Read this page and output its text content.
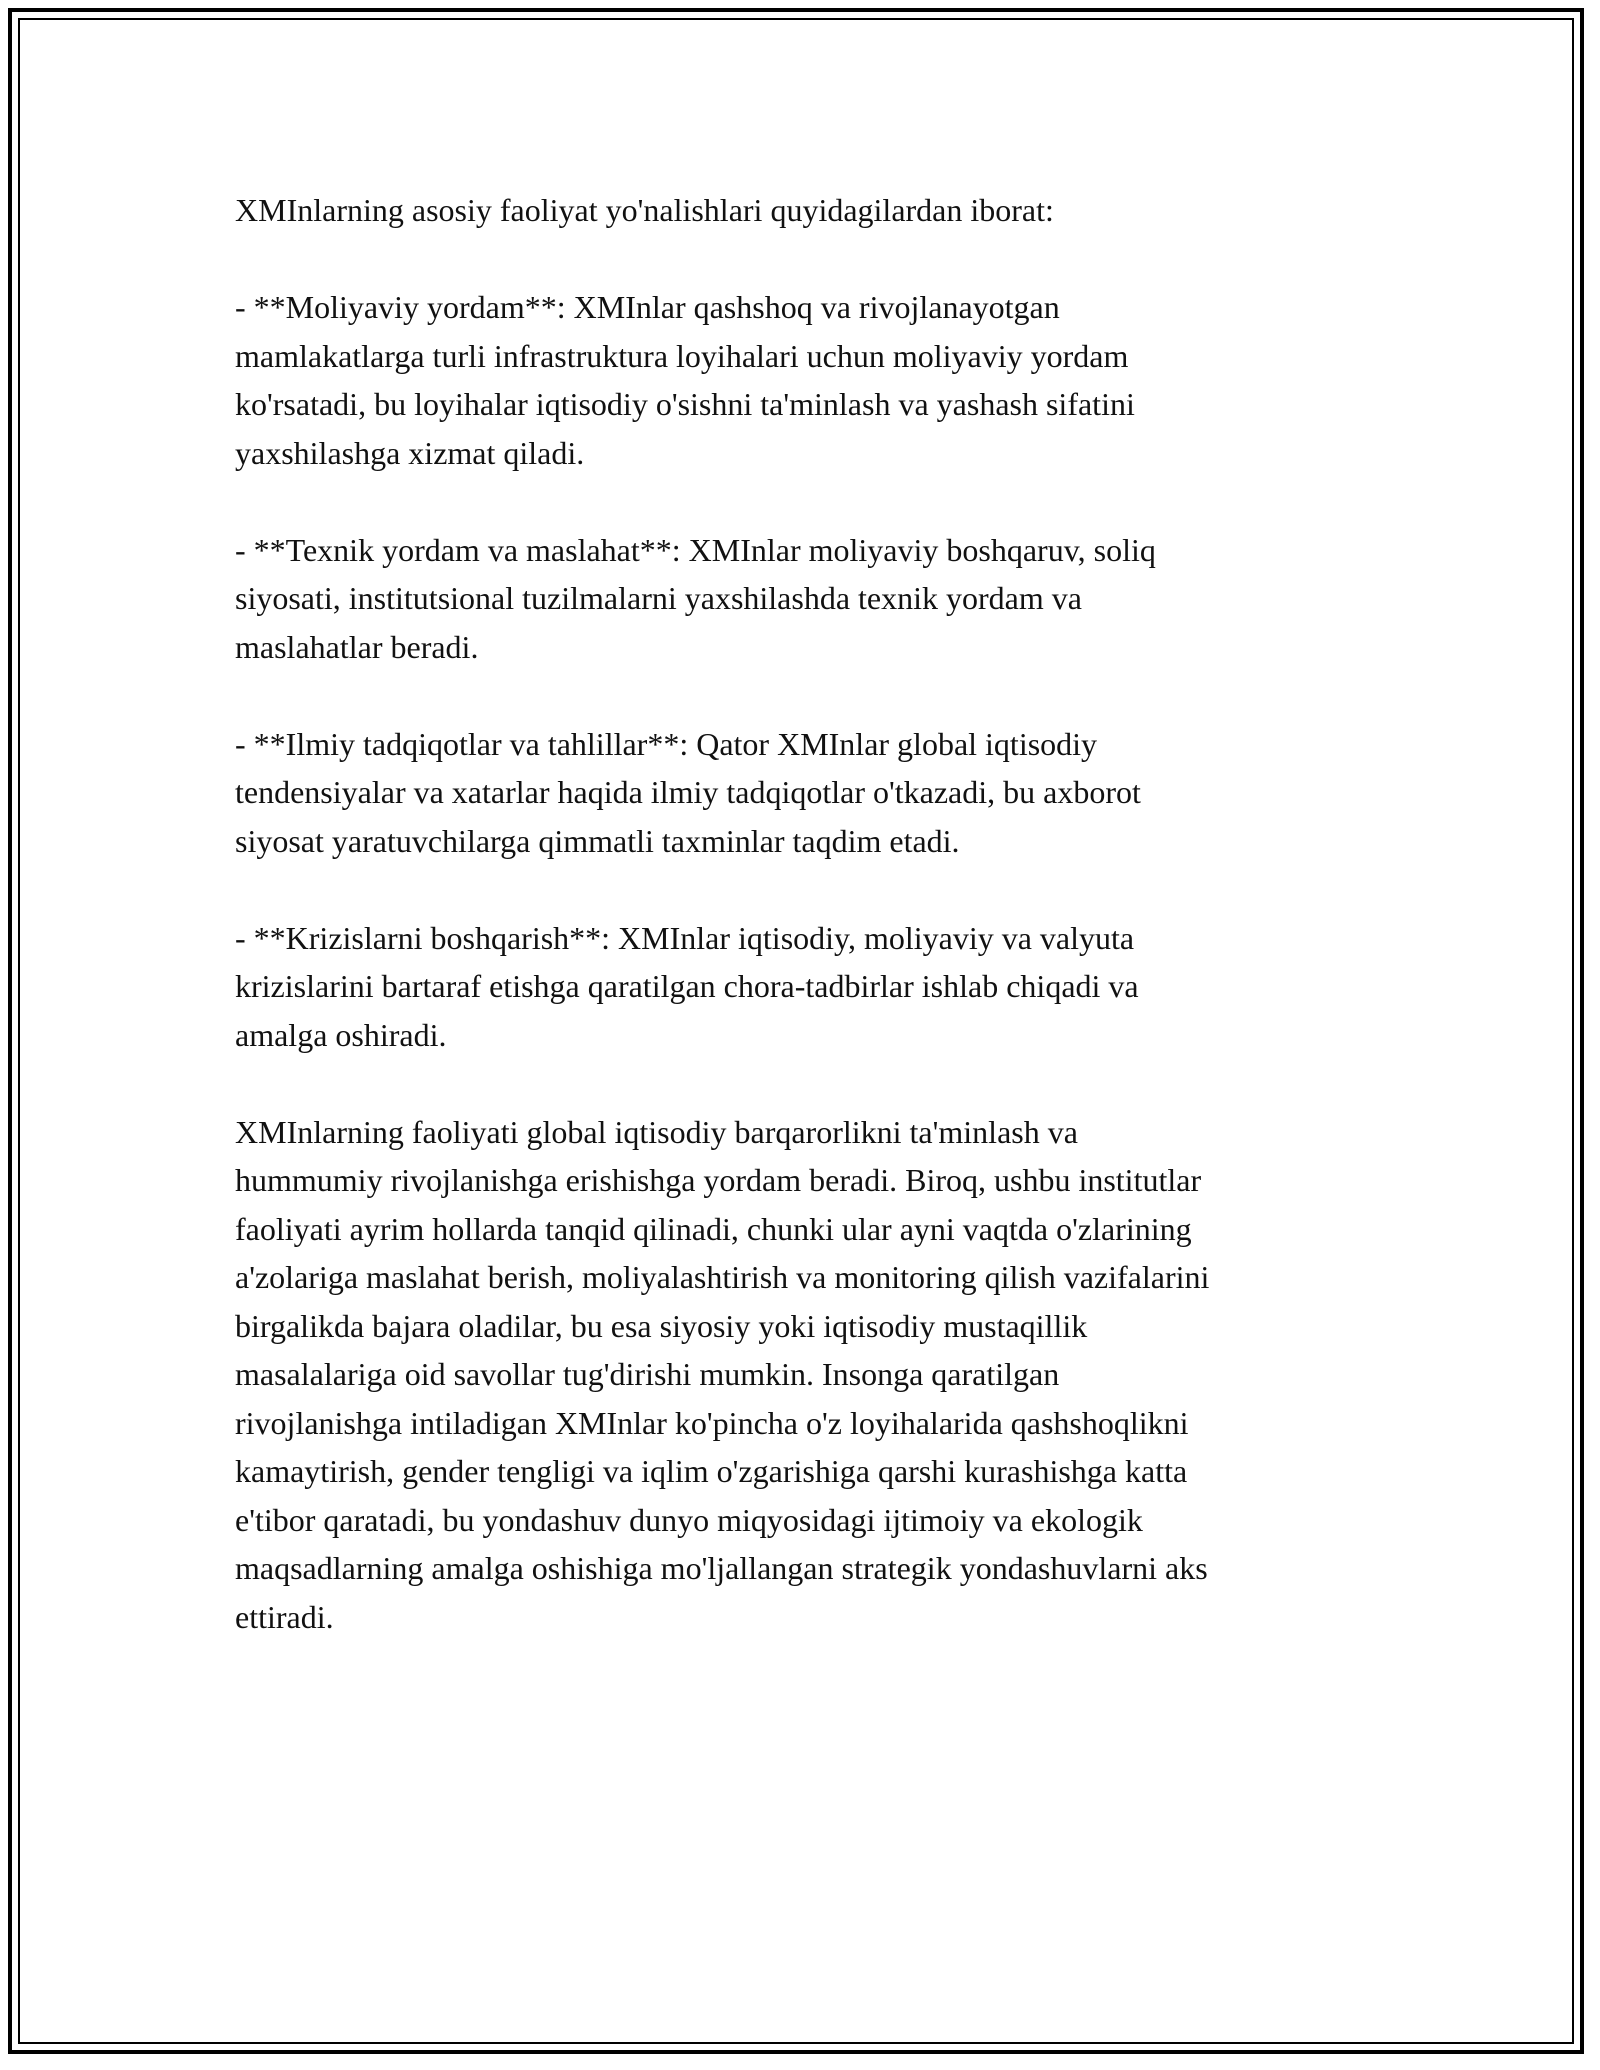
XMInlarning asosiy faoliyat yo'nalishlari quyidagilardan iborat:

- **Moliyaviy yordam**: XMInlar qashshoq va rivojlanayotgan
mamlakatlarga turli infrastruktura loyihalari uchun moliyaviy yordam
ko'rsatadi, bu loyihalar iqtisodiy o'sishni ta'minlash va yashash sifatini
yaxshilashga xizmat qiladi.

- **Texnik yordam va maslahat**: XMInlar moliyaviy boshqaruv, soliq
siyosati, institutsional tuzilmalarni yaxshilashda texnik yordam va
maslahatlar beradi.

- **Ilmiy tadqiqotlar va tahlillar**: Qator XMInlar global iqtisodiy
tendensiyalar va xatarlar haqida ilmiy tadqiqotlar o'tkazadi, bu axborot
siyosat yaratuvchilarga qimmatli taxminlar taqdim etadi.

- **Krizislarni boshqarish**: XMInlar iqtisodiy, moliyaviy va valyuta
krizislarini bartaraf etishga qaratilgan chora-tadbirlar ishlab chiqadi va
amalga oshiradi.

XMInlarning faoliyati global iqtisodiy barqarorlikni ta'minlash va
hummumiy rivojlanishga erishishga yordam beradi. Biroq, ushbu institutlar
faoliyati ayrim hollarda tanqid qilinadi, chunki ular ayni vaqtda o'zlarining
a'zolariga maslahat berish, moliyalashtirish va monitoring qilish vazifalarini
birgalikda bajara oladilar, bu esa siyosiy yoki iqtisodiy mustaqillik
masalalariga oid savollar tug'dirishi mumkin. Insonga qaratilgan
rivojlanishga intiladigan XMInlar ko'pincha o'z loyihalarida qashshoqlikni
kamaytirish, gender tengligi va iqlim o'zgarishiga qarshi kurashishga katta
e'tibor qaratadi, bu yondashuv dunyo miqyosidagi ijtimoiy va ekologik
maqsadlarning amalga oshishiga mo'ljallangan strategik yondashuvlarni aks
ettiradi.
